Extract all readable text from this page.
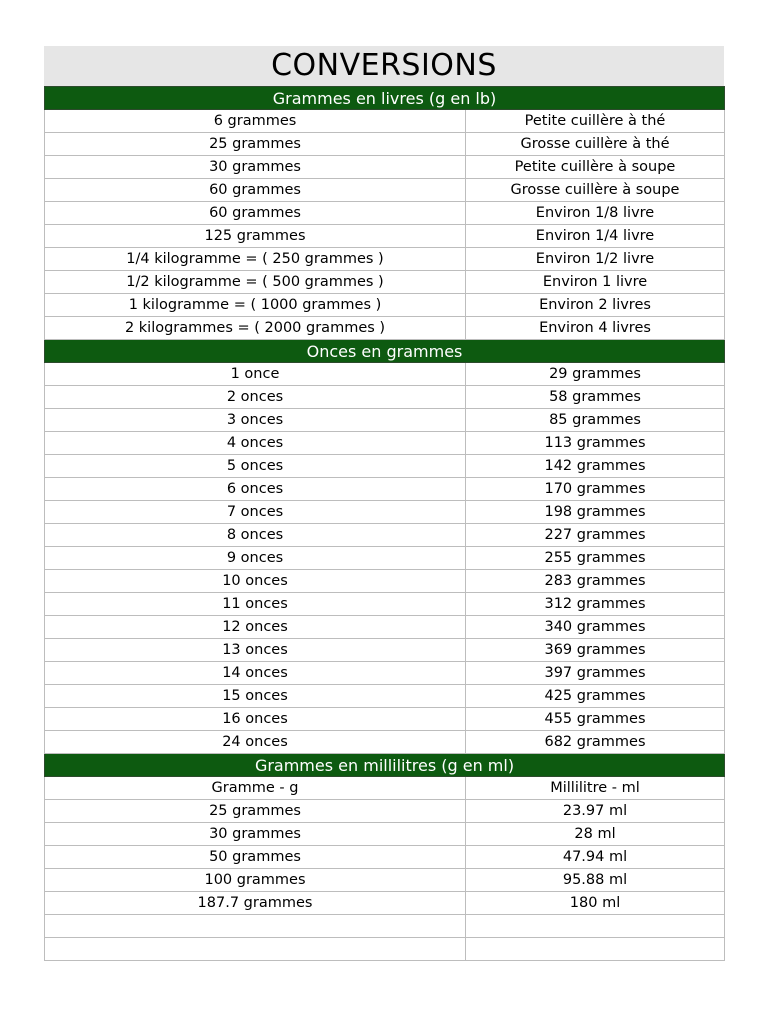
CONVERSIONS
Grammes en livres (g en lb)	
6 grammes	Petite cuillère à thé
25 grammes	Grosse cuillère à thé
30 grammes	Petite cuillère à soupe
60 grammes	Grosse cuillère à soupe
60 grammes	Environ 1/8 livre
125 grammes	Environ 1/4 livre
1/4 kilogramme = ( 250 grammes )	Environ 1/2 livre
1/2 kilogramme = ( 500 grammes )	Environ 1 livre
1 kilogramme = ( 1000 grammes )	Environ 2 livres
2 kilogrammes = ( 2000 grammes )	Environ 4 livres
Onces en grammes	
1 once	29 grammes
2 onces	58 grammes
3 onces	85 grammes
4 onces	113 grammes
5 onces	142 grammes
6 onces	170 grammes
7 onces	198 grammes
8 onces	227 grammes
9 onces	255 grammes
10 onces	283 grammes
11 onces	312 grammes
12 onces	340 grammes
13 onces	369 grammes
14 onces	397 grammes
15 onces	425 grammes
16 onces	455 grammes
24 onces	682 grammes
Grammes en millilitres (g en ml)	
Gramme - g	Millilitre - ml
25 grammes	23.97 ml
30 grammes	28 ml
50 grammes	47.94 ml
100 grammes	95.88 ml
187.7 grammes	180 ml
